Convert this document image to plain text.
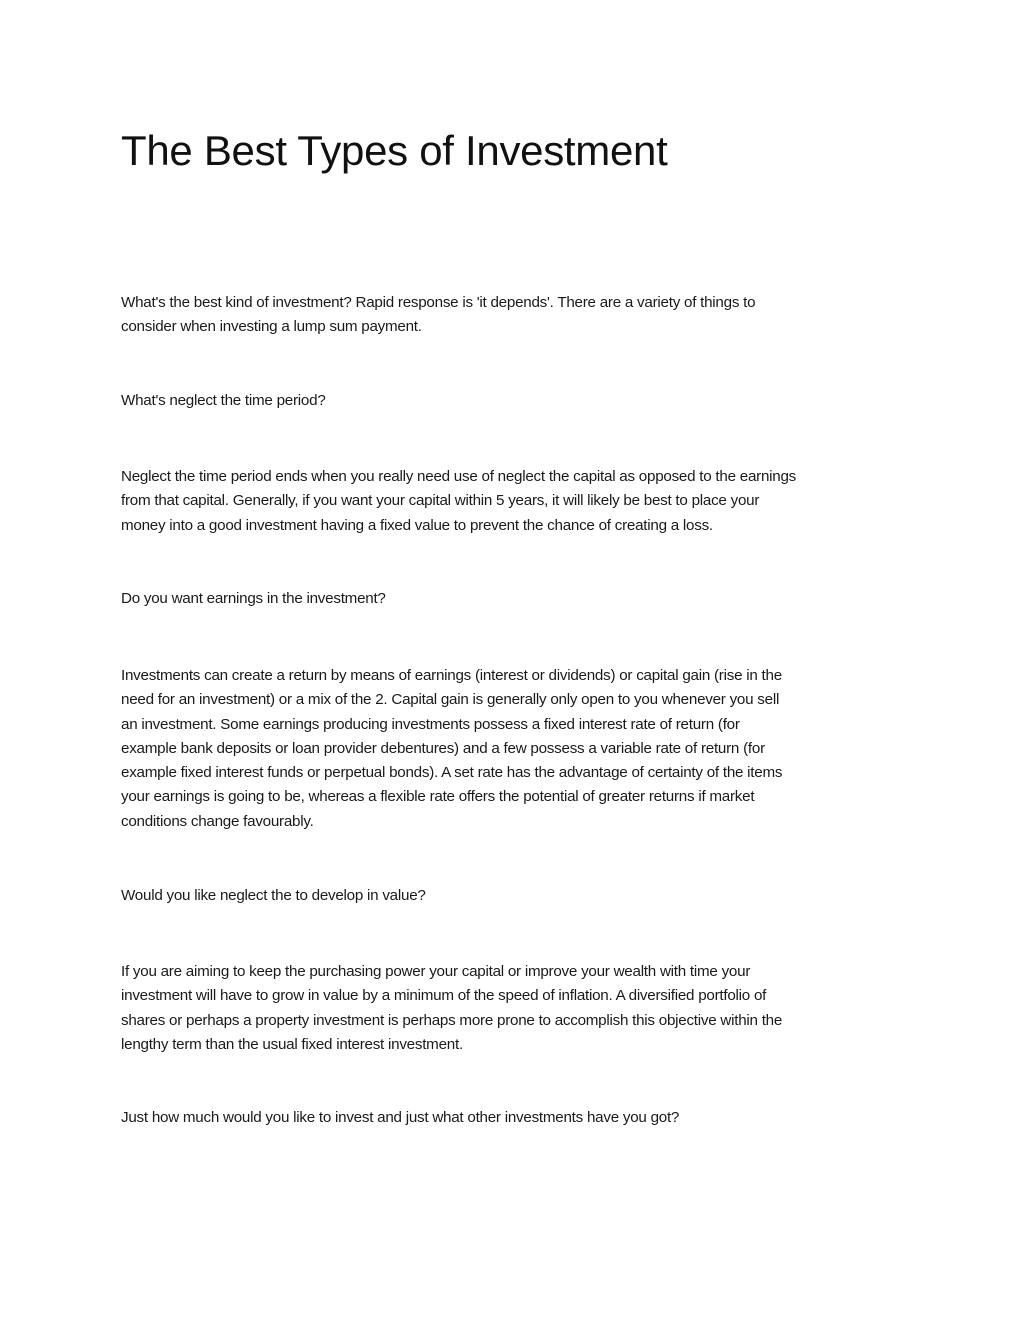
The Best Types of Investment

What's the best kind of investment? Rapid response is 'it depends'. There are a variety of things to
consider when investing a lump sum payment.

What's neglect the time period?

Neglect the time period ends when you really need use of neglect the capital as opposed to the earnings
from that capital. Generally, if you want your capital within 5 years, it will likely be best to place your
money into a good investment having a fixed value to prevent the chance of creating a loss.

Do you want earnings in the investment?

Investments can create a return by means of earnings (interest or dividends) or capital gain (rise in the
need for an investment) or a mix of the 2. Capital gain is generally only open to you whenever you sell
an investment. Some earnings producing investments possess a fixed interest rate of return (for
example bank deposits or loan provider debentures) and a few possess a variable rate of return (for
example fixed interest funds or perpetual bonds). A set rate has the advantage of certainty of the items
your earnings is going to be, whereas a flexible rate offers the potential of greater returns if market
conditions change favourably.

Would you like neglect the to develop in value?

If you are aiming to keep the purchasing power your capital or improve your wealth with time your
investment will have to grow in value by a minimum of the speed of inflation. A diversified portfolio of
shares or perhaps a property investment is perhaps more prone to accomplish this objective within the
lengthy term than the usual fixed interest investment.

Just how much would you like to invest and just what other investments have you got?
